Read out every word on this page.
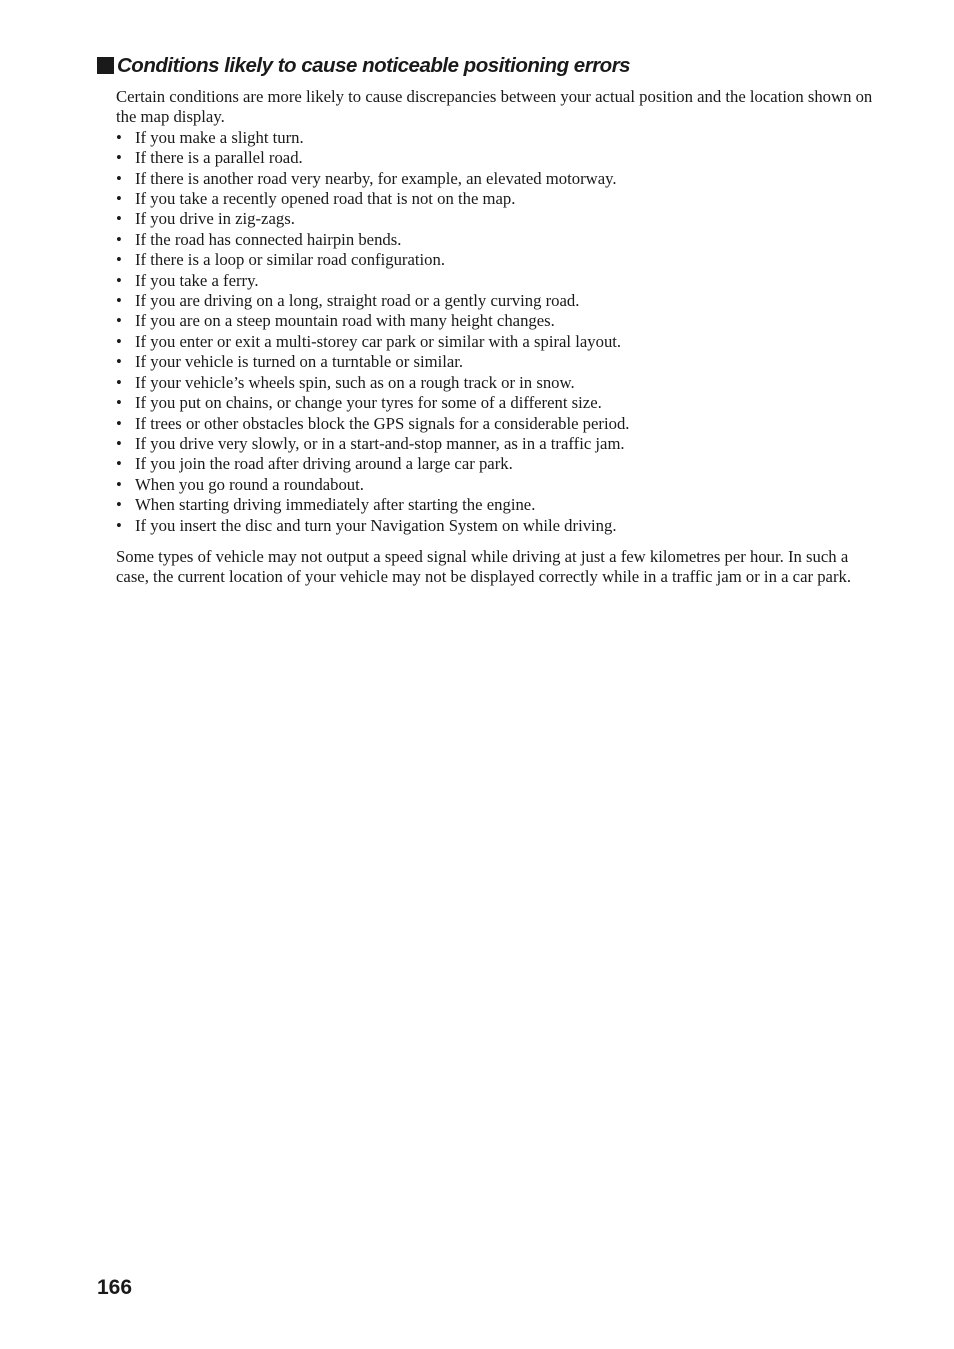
Conditions likely to cause noticeable positioning errors

Certain conditions are more likely to cause discrepancies between your actual position and the location shown on the map display.

• If you make a slight turn.
• If there is a parallel road.
• If there is another road very nearby, for example, an elevated motorway.
• If you take a recently opened road that is not on the map.
• If you drive in zig-zags.
• If the road has connected hairpin bends.
• If there is a loop or similar road configuration.
• If you take a ferry.
• If you are driving on a long, straight road or a gently curving road.
• If you are on a steep mountain road with many height changes.
• If you enter or exit a multi-storey car park or similar with a spiral layout.
• If your vehicle is turned on a turntable or similar.
• If your vehicle’s wheels spin, such as on a rough track or in snow.
• If you put on chains, or change your tyres for some of a different size.
• If trees or other obstacles block the GPS signals for a considerable period.
• If you drive very slowly, or in a start-and-stop manner, as in a traffic jam.
• If you join the road after driving around a large car park.
• When you go round a roundabout.
• When starting driving immediately after starting the engine.
• If you insert the disc and turn your Navigation System on while driving.

Some types of vehicle may not output a speed signal while driving at just a few kilometres per hour. In such a case, the current location of your vehicle may not be displayed correctly while in a traffic jam or in a car park.

166
